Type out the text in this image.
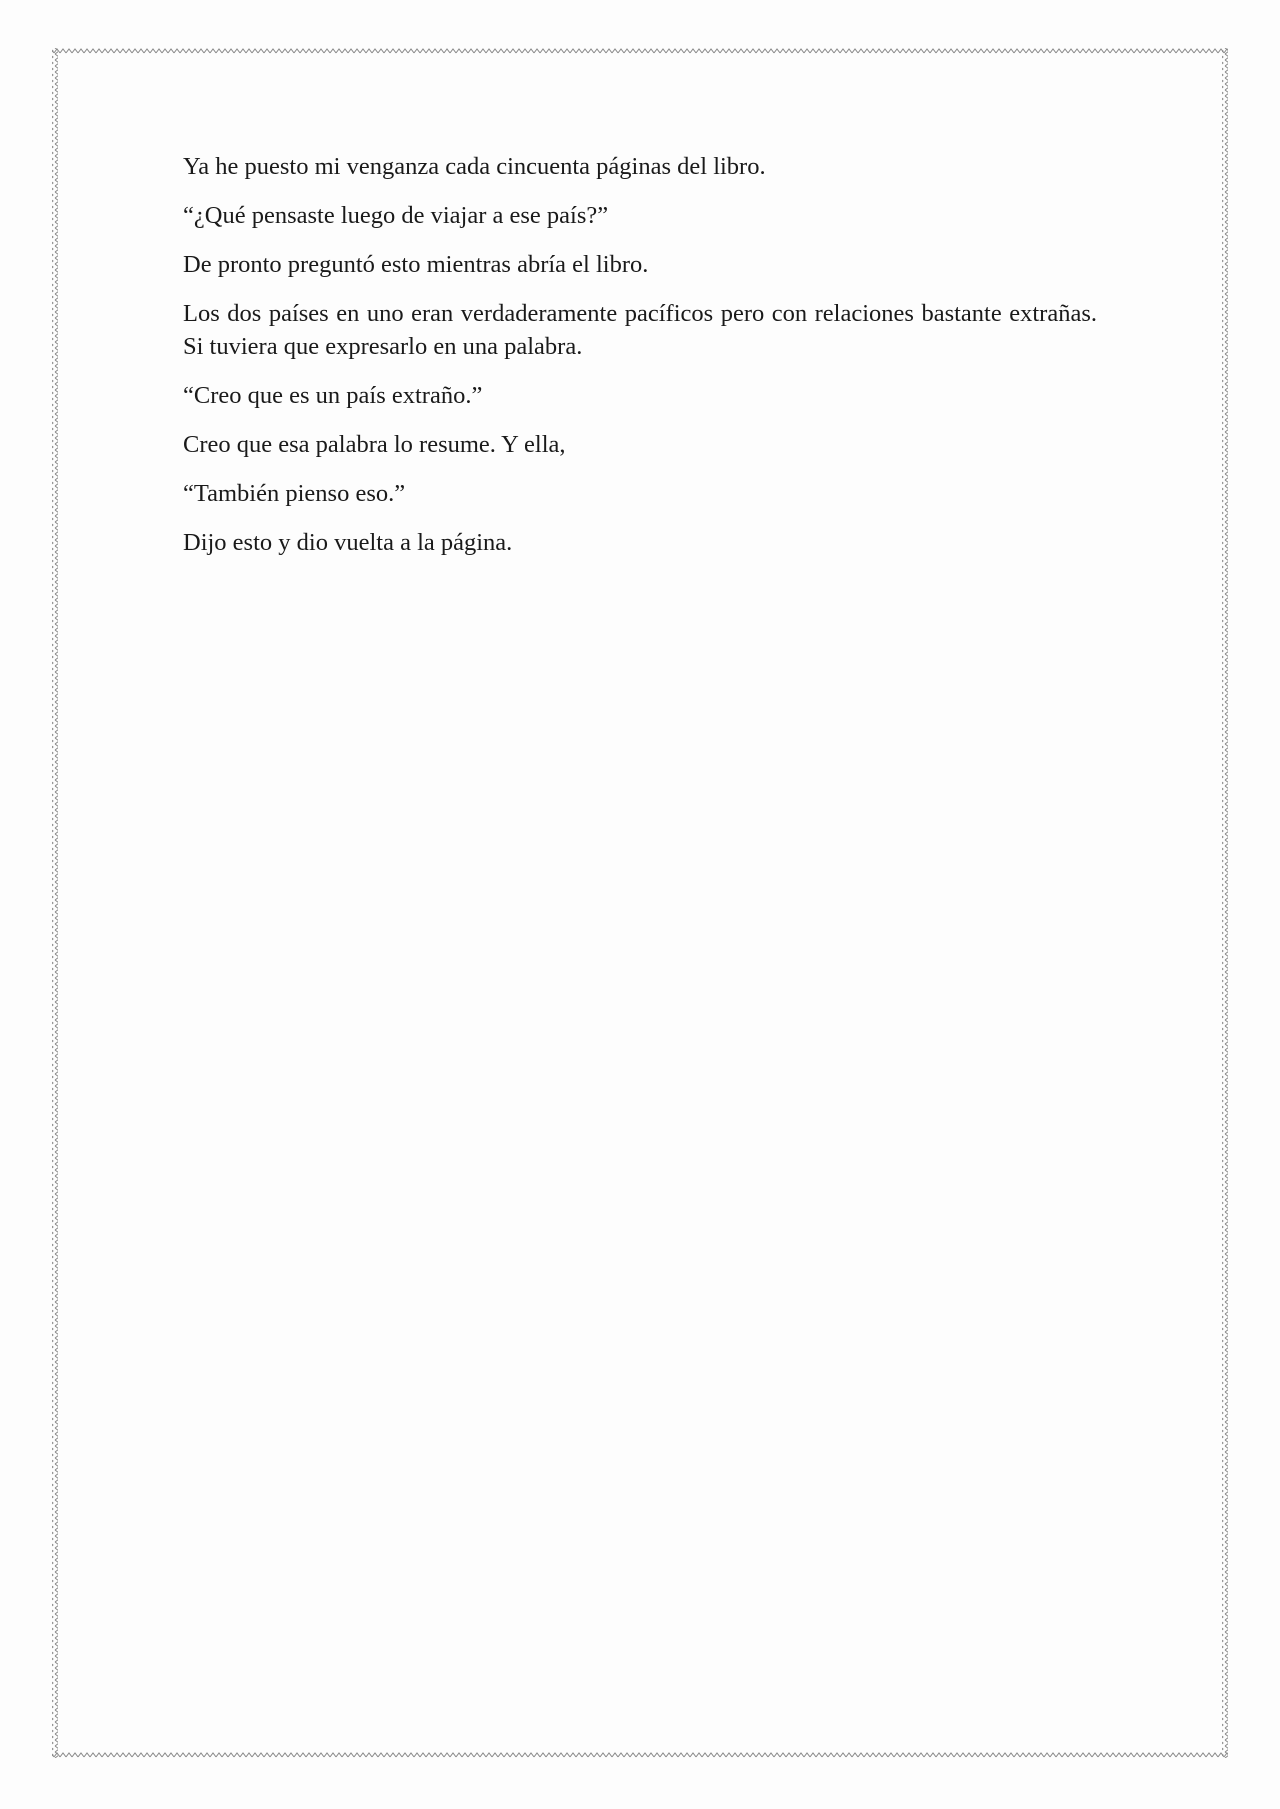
Ya he puesto mi venganza cada cincuenta páginas del libro.

“¿Qué pensaste luego de viajar a ese país?”

De pronto preguntó esto mientras abría el libro.

Los dos países en uno eran verdaderamente pacíficos pero con relaciones bastante extrañas. Si tuviera que expresarlo en una palabra.

“Creo que es un país extraño.”

Creo que esa palabra lo resume. Y ella,

“También pienso eso.”

Dijo esto y dio vuelta a la página.
